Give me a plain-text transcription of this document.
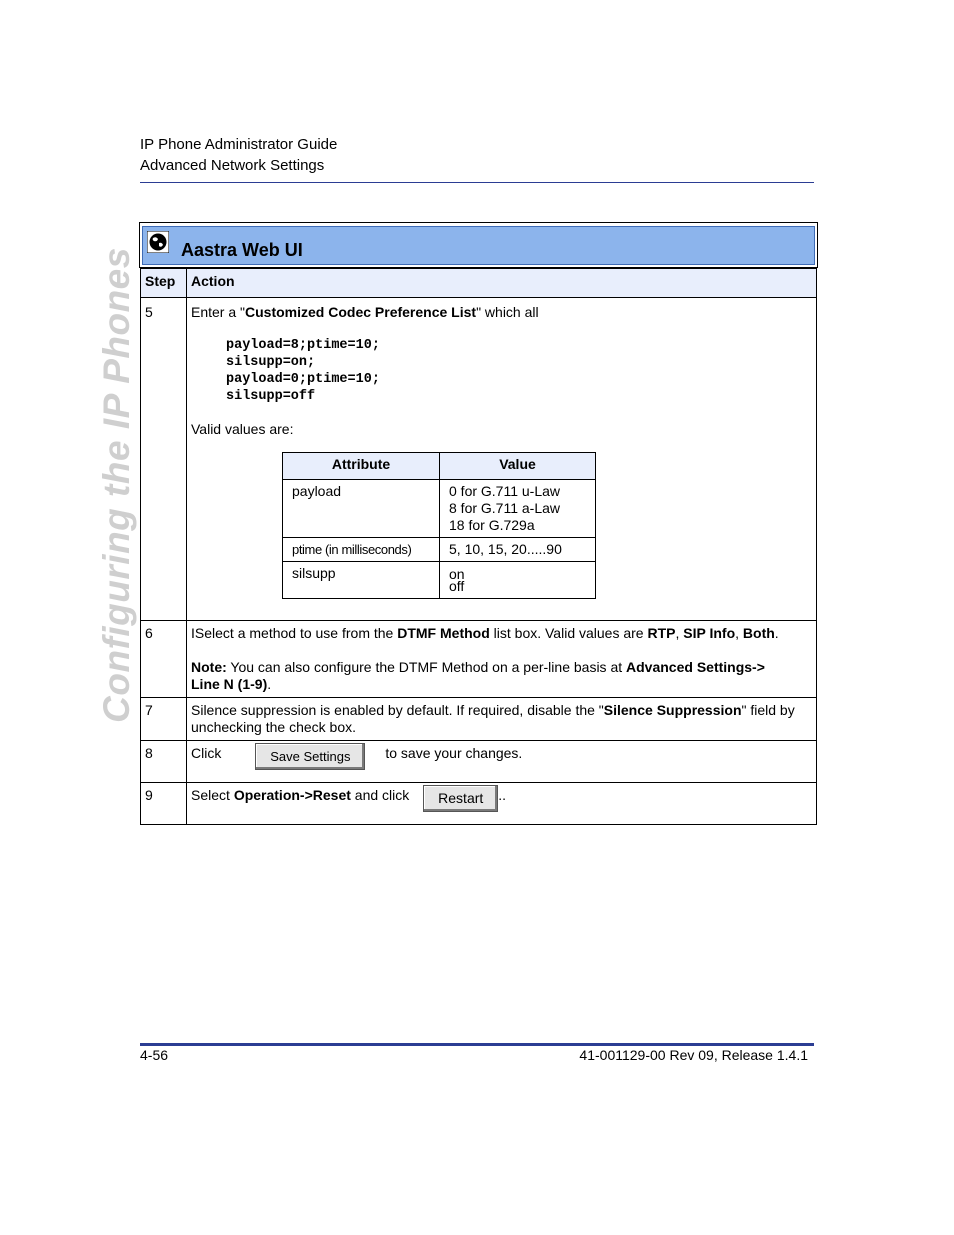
IP Phone Administrator Guide
Advanced Network Settings
Configuring the IP Phones Aastra Web UI
Step	Action
5	Enter a "Customized Codec Preference List" which all
payload=8;ptime=10;
silsupp=on;
payload=0;ptime=10;
silsupp=off
Valid values are:
Attribute	Value
payload	0 for G.711 u-Law
8 for G.711 a-Law
18 for G.729a

ptime (in milliseconds)	5, 10, 15, 20.....90

silsupp	on
off

6	ISelect a method to use from the DTMF Method list box. Valid values are RTP, SIP Info, Both.
Note: You can also configure the DTMF Method on a per-line basis at Advanced Settings->
Line N (1-9).

7	Silence suppression is enabled by default. If required, disable the "Silence Suppression" field by unchecking the check box.
8	Click	Save Settings to save your changes.
9	Select Operation->Reset and click Restart ..
4-56	41-001129-00 Rev 09, Release 1.4.1
